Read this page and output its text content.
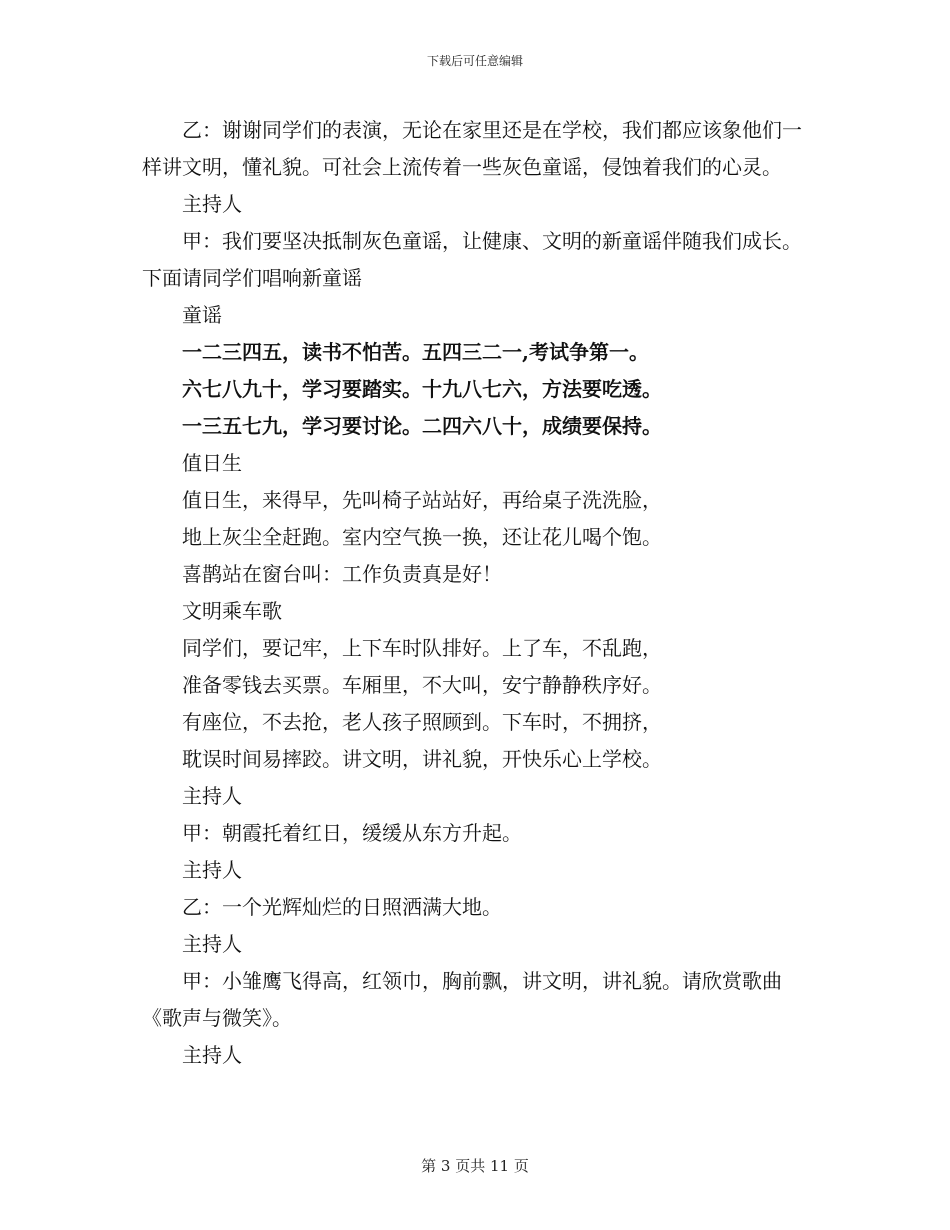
下载后可任意编辑

乙：谢谢同学们的表演，无论在家里还是在学校，我们都应该象他们一样讲文明，懂礼貌。可社会上流传着一些灰色童谣，侵蚀着我们的心灵。

主持人

甲：我们要坚决抵制灰色童谣，让健康、文明的新童谣伴随我们成长。下面请同学们唱响新童谣

童谣

一二三四五，读书不怕苦。五四三二一,考试争第一。

六七八九十，学习要踏实。十九八七六，方法要吃透。

一三五七九，学习要讨论。二四六八十，成绩要保持。

值日生

值日生，来得早，先叫椅子站站好，再给桌子洗洗脸，

地上灰尘全赶跑。室内空气换一换，还让花儿喝个饱。

喜鹊站在窗台叫：工作负责真是好！

文明乘车歌

同学们，要记牢，上下车时队排好。上了车，不乱跑，

准备零钱去买票。车厢里，不大叫，安宁静静秩序好。

有座位，不去抢，老人孩子照顾到。下车时，不拥挤，

耽误时间易摔跤。讲文明，讲礼貌，开快乐心上学校。

主持人

甲：朝霞托着红日，缓缓从东方升起。

主持人

乙：一个光辉灿烂的日照洒满大地。

主持人

甲：小雏鹰飞得高，红领巾，胸前飘，讲文明，讲礼貌。请欣赏歌曲《歌声与微笑》。

主持人

第 3 页共 11 页
